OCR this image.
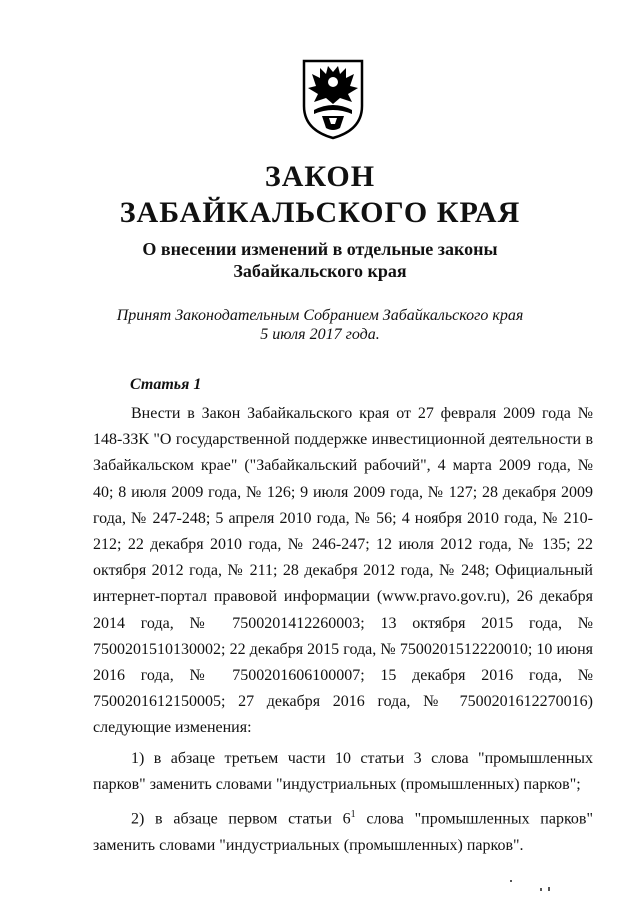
ЗАКОН
ЗАБАЙКАЛЬСКОГО КРАЯ
О внесении изменений в отдельные законы
Забайкальского края
Принят Законодательным Собранием Забайкальского края
5 июля 2017 года.
Статья 1

Внести в Закон Забайкальского края от 27 февраля 2009 года № 148-ЗЗК "О государственной поддержке инвестиционной деятельности в Забайкальском крае" ("Забайкальский рабочий", 4 марта 2009 года, № 40; 8 июля 2009 года, № 126; 9 июля 2009 года, № 127; 28 декабря 2009 года, № 247-248; 5 апреля 2010 года, № 56; 4 ноября 2010 года, № 210-212; 22 декабря 2010 года, № 246-247; 12 июля 2012 года, № 135; 22 октября 2012 года, № 211; 28 декабря 2012 года, № 248; Официальный интернет-портал правовой информации (www.pravo.gov.ru), 26 декабря 2014 года, № 7500201412260003; 13 октября 2015 года, № 7500201510130002; 22 декабря 2015 года, № 7500201512220010; 10 июня 2016 года, № 7500201606100007; 15 декабря 2016 года, № 7500201612150005; 27 декабря 2016 года, № 7500201612270016) следующие изменения:

1) в абзаце третьем части 10 статьи 3 слова "промышленных парков" заменить словами "индустриальных (промышленных) парков";

2) в абзаце первом статьи $6^1$ слова "промышленных парков" заменить словами "индустриальных (промышленных) парков".
